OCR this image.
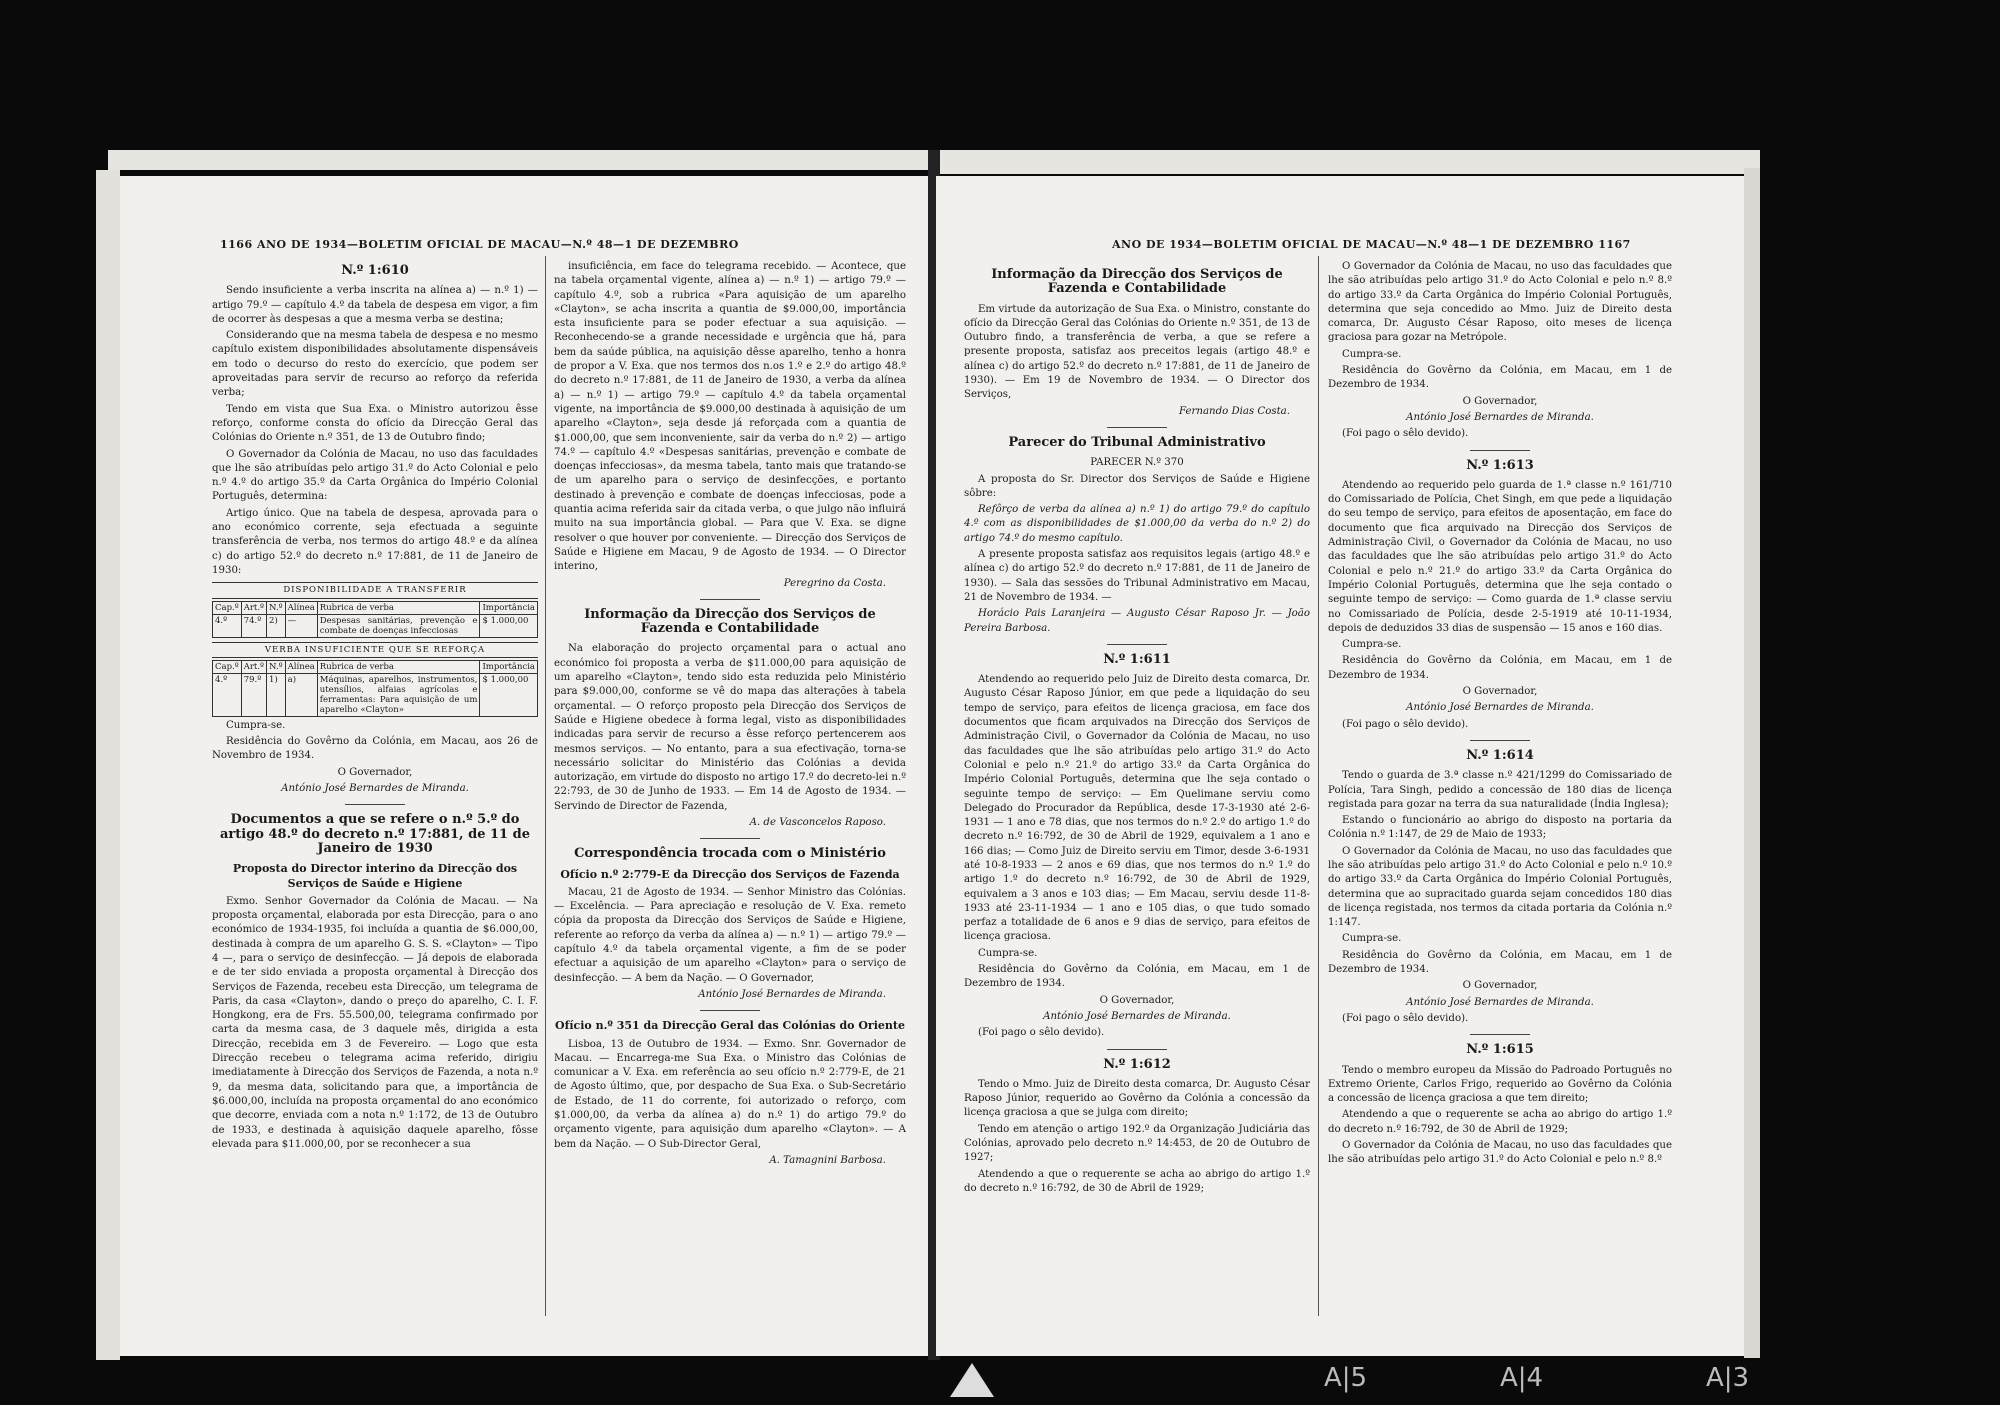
1166 ANO DE 1934—BOLETIM OFICIAL DE MACAU—N.º 48—1 DE DEZEMBRO
N.º 1:610

Sendo insuficiente a verba inscrita na alínea a) — n.º 1) — artigo 79.º — capítulo 4.º da tabela de despesa em vigor, a fim de ocorrer às despesas a que a mesma verba se destina;

Considerando que na mesma tabela de despesa e no mesmo capítulo existem disponibilidades absolutamente dispensáveis em todo o decurso do resto do exercício, que podem ser aproveitadas para servir de recurso ao reforço da referida verba;

Tendo em vista que Sua Exa. o Ministro autorizou êsse reforço, conforme consta do ofício da Direcção Geral das Colónias do Oriente n.º 351, de 13 de Outubro findo;

O Governador da Colónia de Macau, no uso das faculdades que lhe são atribuídas pelo artigo 31.º do Acto Colonial e pelo n.º 4.º do artigo 35.º da Carta Orgânica do Império Colonial Português, determina:

Artigo único. Que na tabela de despesa, aprovada para o ano económico corrente, seja efectuada a seguinte transferência de verba, nos termos do artigo 48.º e da alínea c) do artigo 52.º do decreto n.º 17:881, de 11 de Janeiro de 1930:

DISPONIBILIDADE A TRANSFERIR
Cap.º	Art.º	N.º	Alínea	Rubrica de verba	Importância
4.º	74.º	2)	—	Despesas sanitárias, prevenção e combate de doenças infecciosas	$ 1.000,00
VERBA INSUFICIENTE QUE SE REFORÇA
Cap.º	Art.º	N.º	Alínea	Rubrica de verba	Importância
4.º	79.º	1)	a)	Máquinas, aparelhos, instrumentos, utensílios, alfaias agrícolas e ferramentas: Para aquisição de um aparelho «Clayton»	$ 1.000,00

Cumpra-se.

Residência do Govêrno da Colónia, em Macau, aos 26 de Novembro de 1934.

O Governador,

António José Bernardes de Miranda.

Documentos a que se refere o n.º 5.º do artigo 48.º do decreto n.º 17:881, de 11 de Janeiro de 1930
Proposta do Director interino da Direcção dos Serviços de Saúde e Higiene

Exmo. Senhor Governador da Colónia de Macau. — Na proposta orçamental, elaborada por esta Direcção, para o ano económico de 1934-1935, foi incluída a quantia de $6.000,00, destinada à compra de um aparelho G. S. S. «Clayton» — Tipo 4 —, para o serviço de desinfecção. — Já depois de elaborada e de ter sido enviada a proposta orçamental à Direcção dos Serviços de Fazenda, recebeu esta Direcção, um telegrama de Paris, da casa «Clayton», dando o preço do aparelho, C. I. F. Hongkong, era de Frs. 55.500,00, telegrama confirmado por carta da mesma casa, de 3 daquele mês, dirigida a esta Direcção, recebida em 3 de Fevereiro. — Logo que esta Direcção recebeu o telegrama acima referido, dirigiu imediatamente à Direcção dos Serviços de Fazenda, a nota n.º 9, da mesma data, solicitando para que, a importância de $6.000,00, incluída na proposta orçamental do ano económico que decorre, enviada com a nota n.º 1:172, de 13 de Outubro de 1933, e destinada à aquisição daquele aparelho, fôsse elevada para $11.000,00, por se reconhecer a sua

insuficiência, em face do telegrama recebido. — Acontece, que na tabela orçamental vigente, alínea a) — n.º 1) — artigo 79.º — capítulo 4.º, sob a rubrica «Para aquisição de um aparelho «Clayton», se acha inscrita a quantia de $9.000,00, importância esta insuficiente para se poder efectuar a sua aquisição. — Reconhecendo-se a grande necessidade e urgência que há, para bem da saúde pública, na aquisição dêsse aparelho, tenho a honra de propor a V. Exa. que nos termos dos n.os 1.º e 2.º do artigo 48.º do decreto n.º 17:881, de 11 de Janeiro de 1930, a verba da alínea a) — n.º 1) — artigo 79.º — capítulo 4.º da tabela orçamental vigente, na importância de $9.000,00 destinada à aquisição de um aparelho «Clayton», seja desde já reforçada com a quantia de $1.000,00, que sem inconveniente, sair da verba do n.º 2) — artigo 74.º — capítulo 4.º «Despesas sanitárias, prevenção e combate de doenças infecciosas», da mesma tabela, tanto mais que tratando-se de um aparelho para o serviço de desinfecções, e portanto destinado à prevenção e combate de doenças infecciosas, pode a quantia acima referida sair da citada verba, o que julgo não influirá muito na sua importância global. — Para que V. Exa. se digne resolver o que houver por conveniente. — Direcção dos Serviços de Saúde e Higiene em Macau, 9 de Agosto de 1934. — O Director interino,

Peregrino da Costa.

Informação da Direcção dos Serviços de Fazenda e Contabilidade

Na elaboração do projecto orçamental para o actual ano económico foi proposta a verba de $11.000,00 para aquisição de um aparelho «Clayton», tendo sido esta reduzida pelo Ministério para $9.000,00, conforme se vê do mapa das alterações à tabela orçamental. — O reforço proposto pela Direcção dos Serviços de Saúde e Higiene obedece à forma legal, visto as disponibilidades indicadas para servir de recurso a êsse reforço pertencerem aos mesmos serviços. — No entanto, para a sua efectivação, torna-se necessário solicitar do Ministério das Colónias a devida autorização, em virtude do disposto no artigo 17.º do decreto-lei n.º 22:793, de 30 de Junho de 1933. — Em 14 de Agosto de 1934. — Servindo de Director de Fazenda,

A. de Vasconcelos Raposo.

Correspondência trocada com o Ministério
Ofício n.º 2:779-E da Direcção dos Serviços de Fazenda

Macau, 21 de Agosto de 1934. — Senhor Ministro das Colónias. — Excelência. — Para apreciação e resolução de V. Exa. remeto cópia da proposta da Direcção dos Serviços de Saúde e Higiene, referente ao reforço da verba da alínea a) — n.º 1) — artigo 79.º — capítulo 4.º da tabela orçamental vigente, a fim de se poder efectuar a aquisição de um aparelho «Clayton» para o serviço de desinfecção. — A bem da Nação. — O Governador,

António José Bernardes de Miranda.

Ofício n.º 351 da Direcção Geral das Colónias do Oriente

Lisboa, 13 de Outubro de 1934. — Exmo. Snr. Governador de Macau. — Encarrega-me Sua Exa. o Ministro das Colónias de comunicar a V. Exa. em referência ao seu ofício n.º 2:779-E, de 21 de Agosto último, que, por despacho de Sua Exa. o Sub-Secretário de Estado, de 11 do corrente, foi autorizado o reforço, com $1.000,00, da verba da alínea a) do n.º 1) do artigo 79.º do orçamento vigente, para aquisição dum aparelho «Clayton». — A bem da Nação. — O Sub-Director Geral,

A. Tamagnini Barbosa.

ANO DE 1934—BOLETIM OFICIAL DE MACAU—N.º 48—1 DE DEZEMBRO 1167
Informação da Direcção dos Serviços de Fazenda e Contabilidade

Em virtude da autorização de Sua Exa. o Ministro, constante do ofício da Direcção Geral das Colónias do Oriente n.º 351, de 13 de Outubro findo, a transferência de verba, a que se refere a presente proposta, satisfaz aos preceitos legais (artigo 48.º e alínea c) do artigo 52.º do decreto n.º 17:881, de 11 de Janeiro de 1930). — Em 19 de Novembro de 1934. — O Director dos Serviços,

Fernando Dias Costa.

Parecer do Tribunal Administrativo

PARECER N.º 370

A proposta do Sr. Director dos Serviços de Saúde e Higiene sôbre:

Refôrço de verba da alínea a) n.º 1) do artigo 79.º do capítulo 4.º com as disponibilidades de $1.000,00 da verba do n.º 2) do artigo 74.º do mesmo capítulo.

A presente proposta satisfaz aos requisitos legais (artigo 48.º e alínea c) do artigo 52.º do decreto n.º 17:881, de 11 de Janeiro de 1930). — Sala das sessões do Tribunal Administrativo em Macau, 21 de Novembro de 1934. —

Horácio Pais Laranjeira — Augusto César Raposo Jr. — João Pereira Barbosa.

N.º 1:611

Atendendo ao requerido pelo Juiz de Direito desta comarca, Dr. Augusto César Raposo Júnior, em que pede a liquidação do seu tempo de serviço, para efeitos de licença graciosa, em face dos documentos que ficam arquivados na Direcção dos Serviços de Administração Civil, o Governador da Colónia de Macau, no uso das faculdades que lhe são atribuídas pelo artigo 31.º do Acto Colonial e pelo n.º 21.º do artigo 33.º da Carta Orgânica do Império Colonial Português, determina que lhe seja contado o seguinte tempo de serviço: — Em Quelimane serviu como Delegado do Procurador da República, desde 17-3-1930 até 2-6-1931 — 1 ano e 78 dias, que nos termos do n.º 2.º do artigo 1.º do decreto n.º 16:792, de 30 de Abril de 1929, equivalem a 1 ano e 166 dias; — Como Juiz de Direito serviu em Timor, desde 3-6-1931 até 10-8-1933 — 2 anos e 69 dias, que nos termos do n.º 1.º do artigo 1.º do decreto n.º 16:792, de 30 de Abril de 1929, equivalem a 3 anos e 103 dias; — Em Macau, serviu desde 11-8-1933 até 23-11-1934 — 1 ano e 105 dias, o que tudo somado perfaz a totalidade de 6 anos e 9 dias de serviço, para efeitos de licença graciosa.

Cumpra-se.

Residência do Govêrno da Colónia, em Macau, em 1 de Dezembro de 1934.

O Governador,

António José Bernardes de Miranda.

(Foi pago o sêlo devido).

N.º 1:612

Tendo o Mmo. Juiz de Direito desta comarca, Dr. Augusto César Raposo Júnior, requerido ao Govêrno da Colónia a concessão da licença graciosa a que se julga com direito;

Tendo em atenção o artigo 192.º da Organização Judiciária das Colónias, aprovado pelo decreto n.º 14:453, de 20 de Outubro de 1927;

Atendendo a que o requerente se acha ao abrigo do artigo 1.º do decreto n.º 16:792, de 30 de Abril de 1929;

O Governador da Colónia de Macau, no uso das faculdades que lhe são atribuídas pelo artigo 31.º do Acto Colonial e pelo n.º 8.º do artigo 33.º da Carta Orgânica do Império Colonial Português, determina que seja concedido ao Mmo. Juiz de Direito desta comarca, Dr. Augusto César Raposo, oito meses de licença graciosa para gozar na Metrópole.

Cumpra-se.

Residência do Govêrno da Colónia, em Macau, em 1 de Dezembro de 1934.

O Governador,

António José Bernardes de Miranda.

(Foi pago o sêlo devido).

N.º 1:613

Atendendo ao requerido pelo guarda de 1.ª classe n.º 161/710 do Comissariado de Polícia, Chet Singh, em que pede a liquidação do seu tempo de serviço, para efeitos de aposentação, em face do documento que fica arquivado na Direcção dos Serviços de Administração Civil, o Governador da Colónia de Macau, no uso das faculdades que lhe são atribuídas pelo artigo 31.º do Acto Colonial e pelo n.º 21.º do artigo 33.º da Carta Orgânica do Império Colonial Português, determina que lhe seja contado o seguinte tempo de serviço: — Como guarda de 1.ª classe serviu no Comissariado de Polícia, desde 2-5-1919 até 10-11-1934, depois de deduzidos 33 dias de suspensão — 15 anos e 160 dias.

Cumpra-se.

Residência do Govêrno da Colónia, em Macau, em 1 de Dezembro de 1934.

O Governador,

António José Bernardes de Miranda.

(Foi pago o sêlo devido).

N.º 1:614

Tendo o guarda de 3.ª classe n.º 421/1299 do Comissariado de Polícia, Tara Singh, pedido a concessão de 180 dias de licença registada para gozar na terra da sua naturalidade (Índia Inglesa);

Estando o funcionário ao abrigo do disposto na portaria da Colónia n.º 1:147, de 29 de Maio de 1933;

O Governador da Colónia de Macau, no uso das faculdades que lhe são atribuídas pelo artigo 31.º do Acto Colonial e pelo n.º 10.º do artigo 33.º da Carta Orgânica do Império Colonial Português, determina que ao supracitado guarda sejam concedidos 180 dias de licença registada, nos termos da citada portaria da Colónia n.º 1:147.

Cumpra-se.

Residência do Govêrno da Colónia, em Macau, em 1 de Dezembro de 1934.

O Governador,

António José Bernardes de Miranda.

(Foi pago o sêlo devido).

N.º 1:615

Tendo o membro europeu da Missão do Padroado Português no Extremo Oriente, Carlos Frigo, requerido ao Govêrno da Colónia a concessão de licença graciosa a que tem direito;

Atendendo a que o requerente se acha ao abrigo do artigo 1.º do decreto n.º 16:792, de 30 de Abril de 1929;

O Governador da Colónia de Macau, no uso das faculdades que lhe são atribuídas pelo artigo 31.º do Acto Colonial e pelo n.º 8.º

A|5	A|4	A|3
